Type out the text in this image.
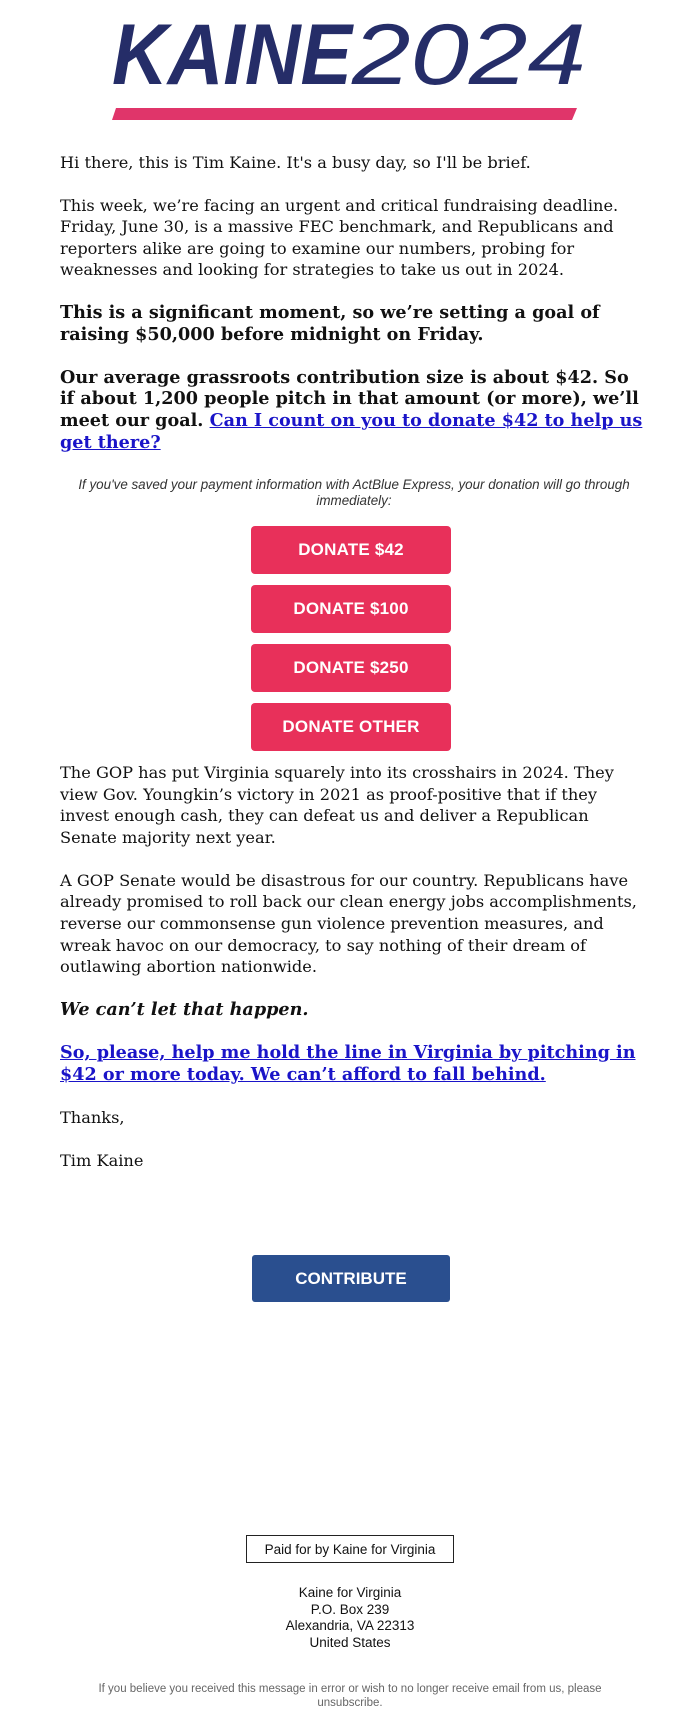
KAINE
2024

Hi there, this is Tim Kaine. It's a busy day, so I'll be brief.

This week, we’re facing an urgent and critical fundraising deadline. Friday, June 30, is a massive FEC benchmark, and Republicans and reporters alike are going to examine our numbers, probing for weaknesses and looking for strategies to take us out in 2024.

This is a significant moment, so we’re setting a goal of raising $50,000 before midnight on Friday.

Our average grassroots contribution size is about $42. So if about 1,200 people pitch in that amount (or more), we’ll meet our goal. Can I count on you to donate $42 to help us get there?

If you've saved your payment information with ActBlue Express, your donation will go through immediately:
DONATE $42
DONATE $100
DONATE $250
DONATE OTHER

The GOP has put Virginia squarely into its crosshairs in 2024. They view Gov. Youngkin’s victory in 2021 as proof-positive that if they invest enough cash, they can defeat us and deliver a Republican Senate majority next year.

A GOP Senate would be disastrous for our country. Republicans have already promised to roll back our clean energy jobs accomplishments, reverse our commonsense gun violence prevention measures, and wreak havoc on our democracy, to say nothing of their dream of outlawing abortion nationwide.

We can’t let that happen.

So, please, help me hold the line in Virginia by pitching in $42 or more today. We can’t afford to fall behind.

Thanks,

Tim Kaine

CONTRIBUTE
Paid for by Kaine for Virginia
Kaine for Virginia
P.O. Box 239
Alexandria, VA 22313
United States
If you believe you received this message in error or wish to no longer receive email from us, please unsubscribe.
